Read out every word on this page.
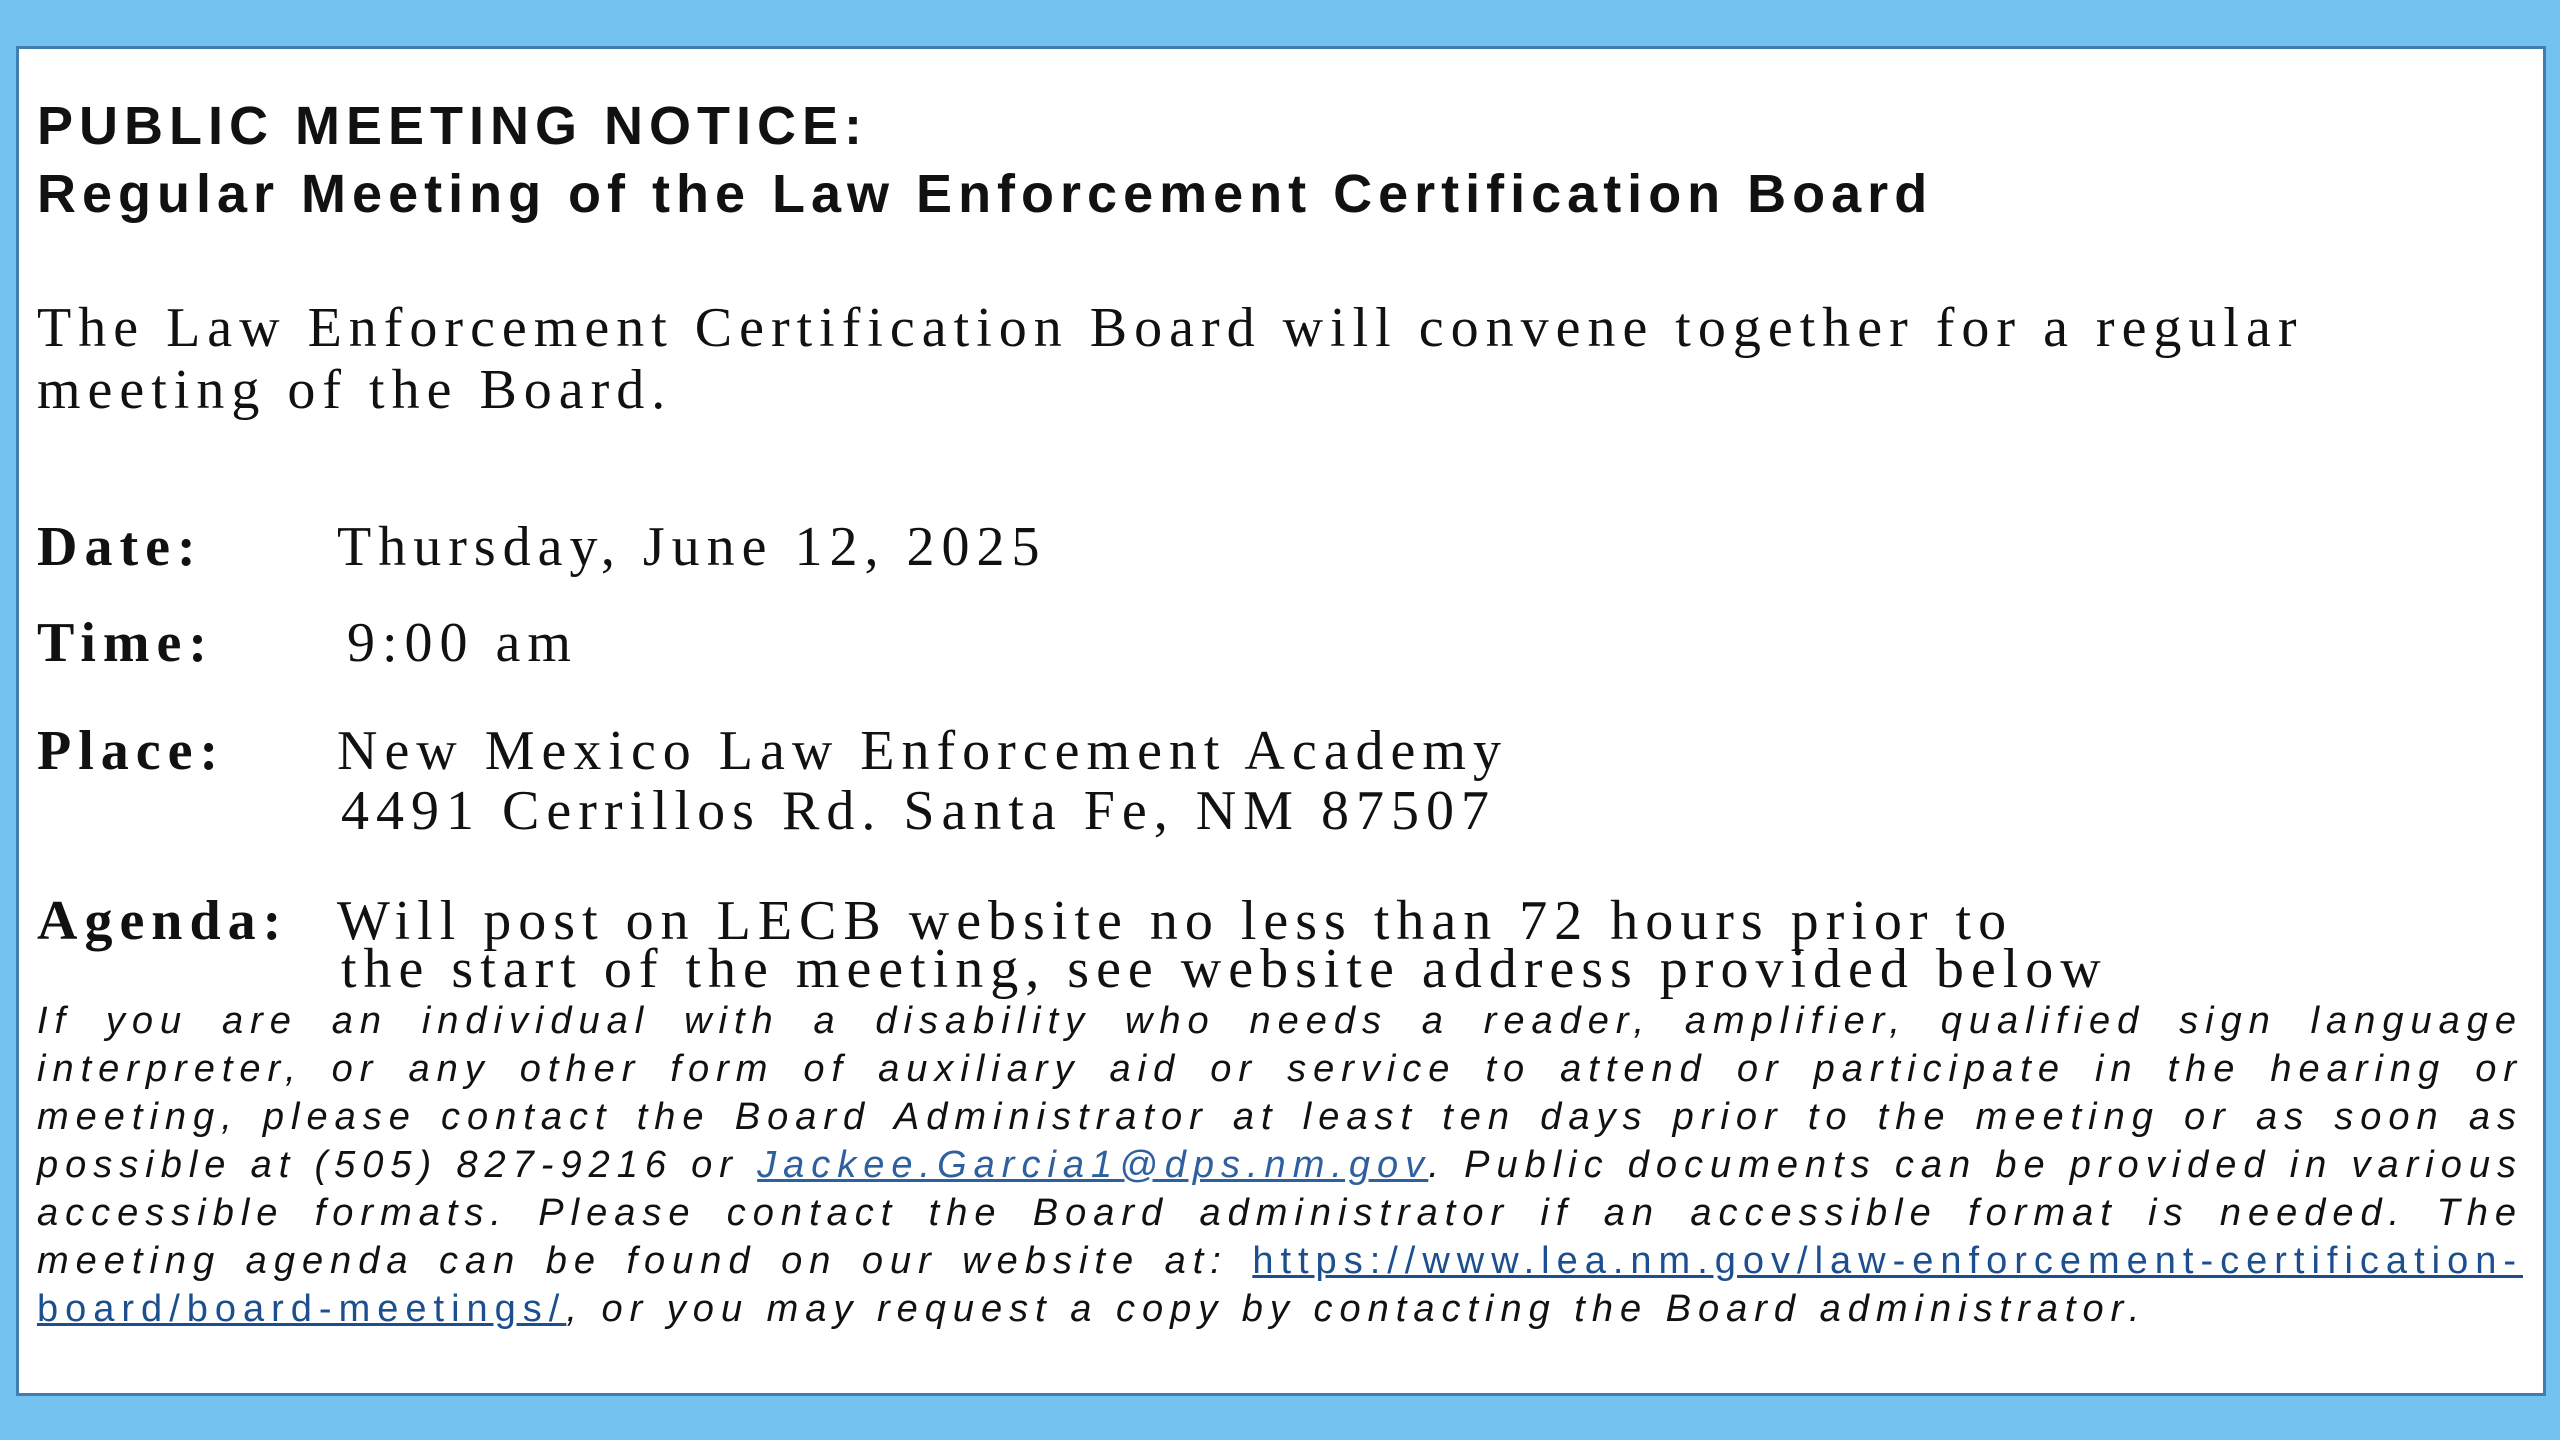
PUBLIC MEETING NOTICE:
Regular Meeting of the Law Enforcement Certification Board

The Law Enforcement Certification Board will convene together for a regular meeting of the Board.

Date: Thursday, June 12, 2025
Time: 9:00 am
Place: New Mexico Law Enforcement Academy
4491 Cerrillos Rd. Santa Fe, NM 87507
Agenda: Will post on LECB website no less than 72 hours prior to
the start of the meeting, see website address provided below

If you are an individual with a disability who needs a reader, amplifier, qualified sign language interpreter, or any other form of auxiliary aid or service to attend or participate in the hearing or meeting, please contact the Board Administrator at least ten days prior to the meeting or as soon as possible at (505) 827-9216 or Jackee.Garcia1@dps.nm.gov. Public documents can be provided in various accessible formats. Please contact the Board administrator if an accessible format is needed. The meeting agenda can be found on our website at: https://www.lea.nm.gov/law-enforcement-certification-board/board-meetings/, or you may request a copy by contacting the Board administrator.
